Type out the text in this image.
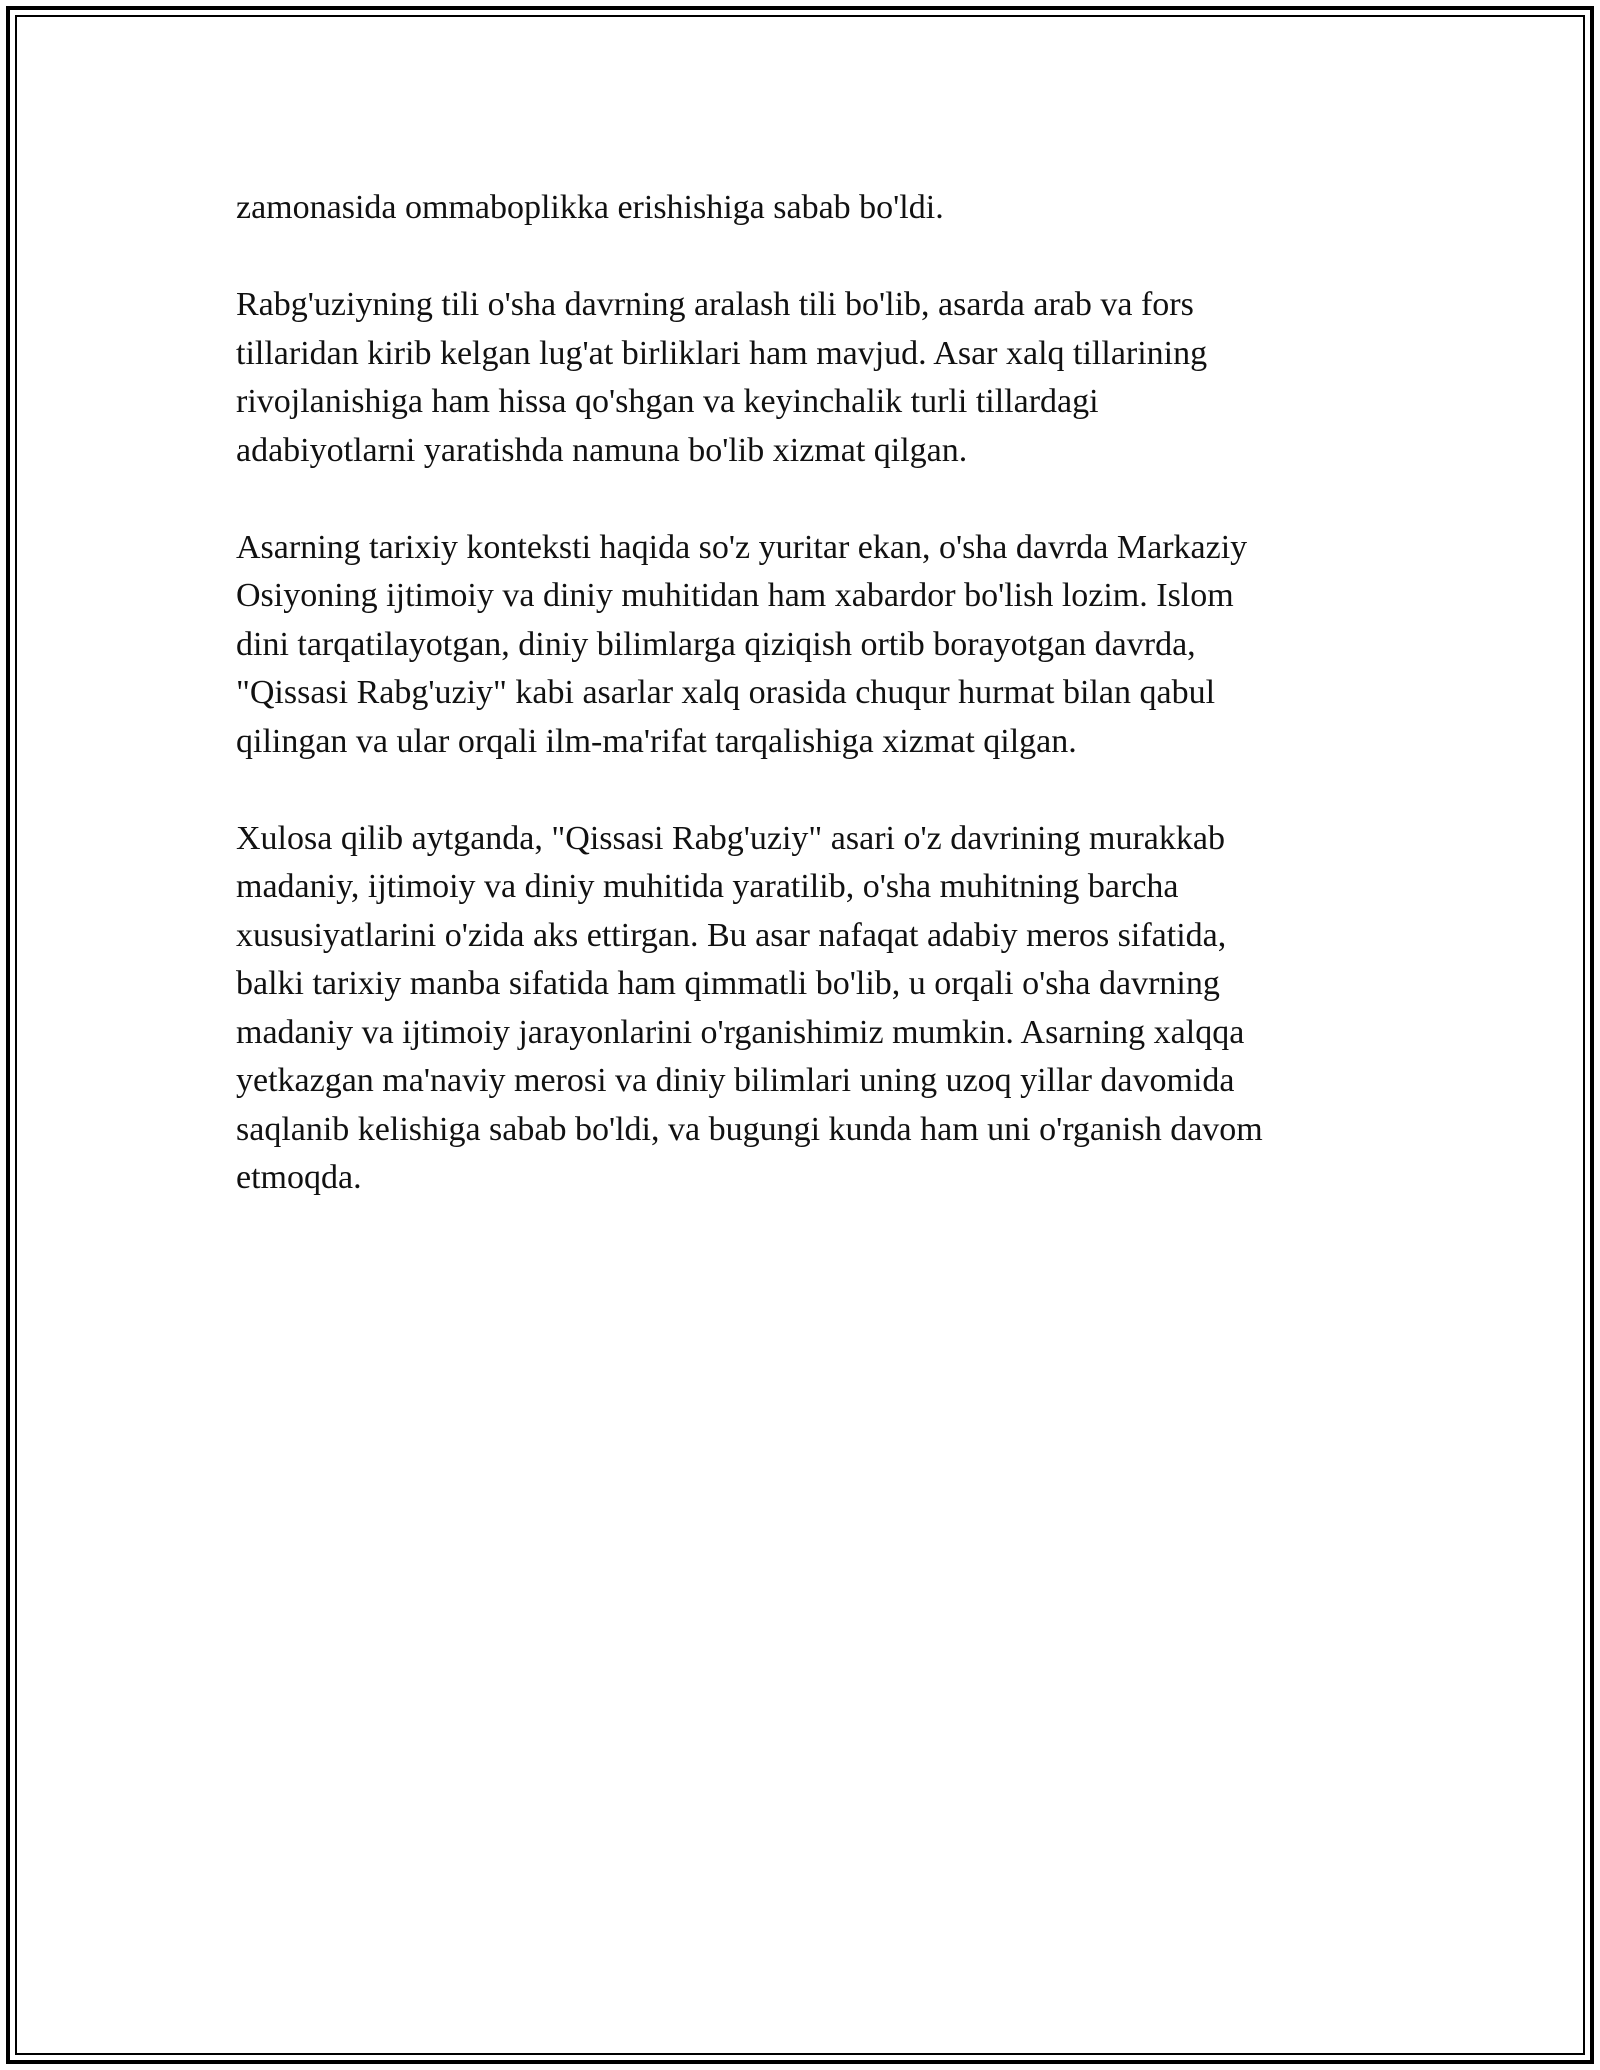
zamonasida ommaboplikka erishishiga sabab bo'ldi.

Rabg'uziyning tili o'sha davrning aralash tili bo'lib, asarda arab va fors
tillaridan kirib kelgan lug'at birliklari ham mavjud. Asar xalq tillarining
rivojlanishiga ham hissa qo'shgan va keyinchalik turli tillardagi
adabiyotlarni yaratishda namuna bo'lib xizmat qilgan.

Asarning tarixiy konteksti haqida so'z yuritar ekan, o'sha davrda Markaziy
Osiyoning ijtimoiy va diniy muhitidan ham xabardor bo'lish lozim. Islom
dini tarqatilayotgan, diniy bilimlarga qiziqish ortib borayotgan davrda,
"Qissasi Rabg'uziy" kabi asarlar xalq orasida chuqur hurmat bilan qabul
qilingan va ular orqali ilm-ma'rifat tarqalishiga xizmat qilgan.

Xulosa qilib aytganda, "Qissasi Rabg'uziy" asari o'z davrining murakkab
madaniy, ijtimoiy va diniy muhitida yaratilib, o'sha muhitning barcha
xususiyatlarini o'zida aks ettirgan. Bu asar nafaqat adabiy meros sifatida,
balki tarixiy manba sifatida ham qimmatli bo'lib, u orqali o'sha davrning
madaniy va ijtimoiy jarayonlarini o'rganishimiz mumkin. Asarning xalqqa
yetkazgan ma'naviy merosi va diniy bilimlari uning uzoq yillar davomida
saqlanib kelishiga sabab bo'ldi, va bugungi kunda ham uni o'rganish davom
etmoqda.
